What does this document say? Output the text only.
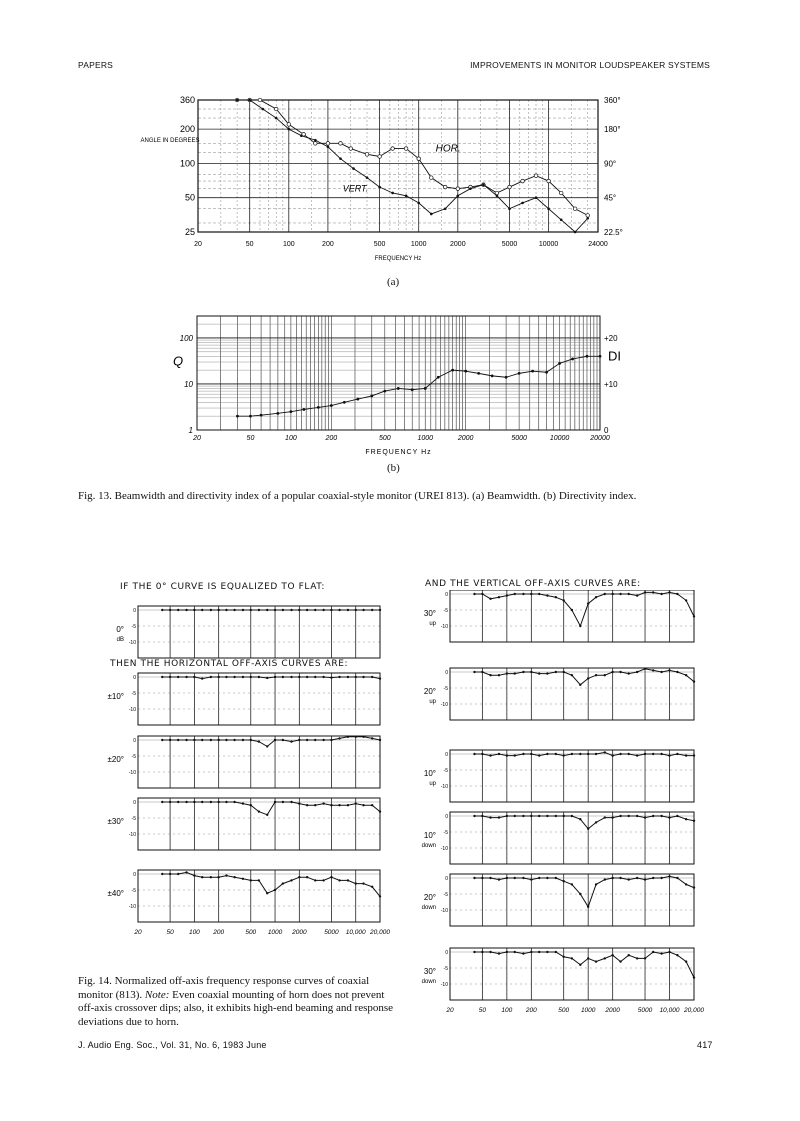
PAPERS	IMPROVEMENTS IN MONITOR LOUDSPEAKER SYSTEMS
20	50	100	200	500	1000	2000	5000	10000	24000
360	360°
200	180°
100	90°
50	45°
25	22.5°
ANGLE IN DEGREES
FREQUENCY Hz
HOR.
VERT.
(a)
100	+20
10	+10
1	0
20	50	100	200	500	1000	2000	5000	10000	20000
Q	DI
FREQUENCY Hz
(b)
Fig. 13. Beamwidth and directivity index of a popular coaxial-style monitor (UREI 813). (a) Beamwidth. (b) Directivity index.
IF THE 0° CURVE IS EQUALIZED TO FLAT:
THEN THE HORIZONTAL OFF-AXIS CURVES ARE:
AND THE VERTICAL OFF-AXIS CURVES ARE:
0
-5
-10
0°
dB
0
-5
-10
±10°
0
-5
-10
±20°
0
-5
-10
±30°
0
-5
-10
±40°
0
-5
-10
30°
up
0
-5
-10
20°
up
0
-5
-10
10°
up
0
-5
-10
10°
down
0
-5
-10
20°
down
0
-5
-10
30°
down
20
20
50
50
100
100
200
200
500
500
1000
1000
2000
2000
5000
5000
10,000
10,000
20,000
20,000
Fig. 14. Normalized off-axis frequency response curves of coaxial monitor (813). Note: Even coaxial mounting of horn does not prevent off-axis crossover dips; also, it exhibits high-end beaming and response deviations due to horn.
J. Audio Eng. Soc., Vol. 31, No. 6, 1983 June	417
